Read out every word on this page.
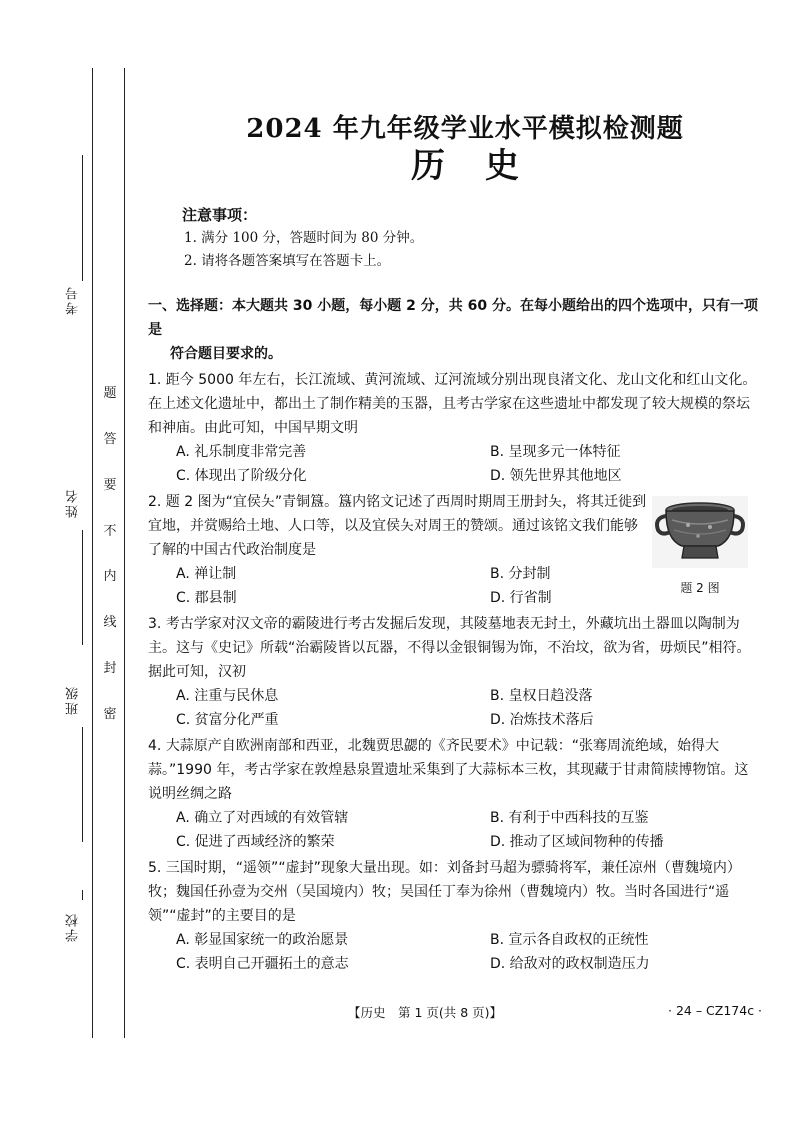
考号
姓名
班级
学校
题
答
要
不
内
线
封
密
2024 年九年级学业水平模拟检测题
历史
注意事项：
1. 满分 100 分，答题时间为 80 分钟。
2. 请将各题答案填写在答题卡上。
一、选择题：本大题共 30 小题，每小题 2 分，共 60 分。在每小题给出的四个选项中，只有一项是
符合题目要求的。
1. 距今 5000 年左右，长江流域、黄河流域、辽河流域分别出现良渚文化、龙山文化和红山文化。在上述文化遗址中，都出土了制作精美的玉器，且考古学家在这些遗址中都发现了较大规模的祭坛和神庙。由此可知，中国早期文明
A. 礼乐制度非常完善	B. 呈现多元一体特征
C. 体现出了阶级分化	D. 领先世界其他地区
2. 题 2 图为“宜侯夨”青铜簋。簋内铭文记述了西周时期周王册封夨，将其迁徙到宜地，并赏赐给土地、人口等，以及宜侯夨对周王的赞颂。通过该铭文我们能够了解的中国古代政治制度是
A. 禅让制	B. 分封制
C. 郡县制	D. 行省制
题 2 图
3. 考古学家对汉文帝的霸陵进行考古发掘后发现，其陵墓地表无封土，外藏坑出土器皿以陶制为主。这与《史记》所载“治霸陵皆以瓦器，不得以金银铜锡为饰，不治坟，欲为省，毋烦民”相符。据此可知，汉初
A. 注重与民休息	B. 皇权日趋没落
C. 贫富分化严重	D. 冶炼技术落后
4. 大蒜原产自欧洲南部和西亚，北魏贾思勰的《齐民要术》中记载：“张骞周流绝域，始得大蒜。”1990 年，考古学家在敦煌悬泉置遗址采集到了大蒜标本三枚，其现藏于甘肃简牍博物馆。这说明丝绸之路
A. 确立了对西域的有效管辖	B. 有利于中西科技的互鉴
C. 促进了西域经济的繁荣	D. 推动了区域间物种的传播
5. 三国时期，“遥领”“虚封”现象大量出现。如：刘备封马超为骠骑将军，兼任凉州（曹魏境内）牧；魏国任孙壹为交州（吴国境内）牧；吴国任丁奉为徐州（曹魏境内）牧。当时各国进行“遥领”“虚封”的主要目的是
A. 彰显国家统一的政治愿景	B. 宣示各自政权的正统性
C. 表明自己开疆拓土的意志	D. 给敌对的政权制造压力
【历史　第 1 页(共 8 页)】	· 24 – CZ174c ·
